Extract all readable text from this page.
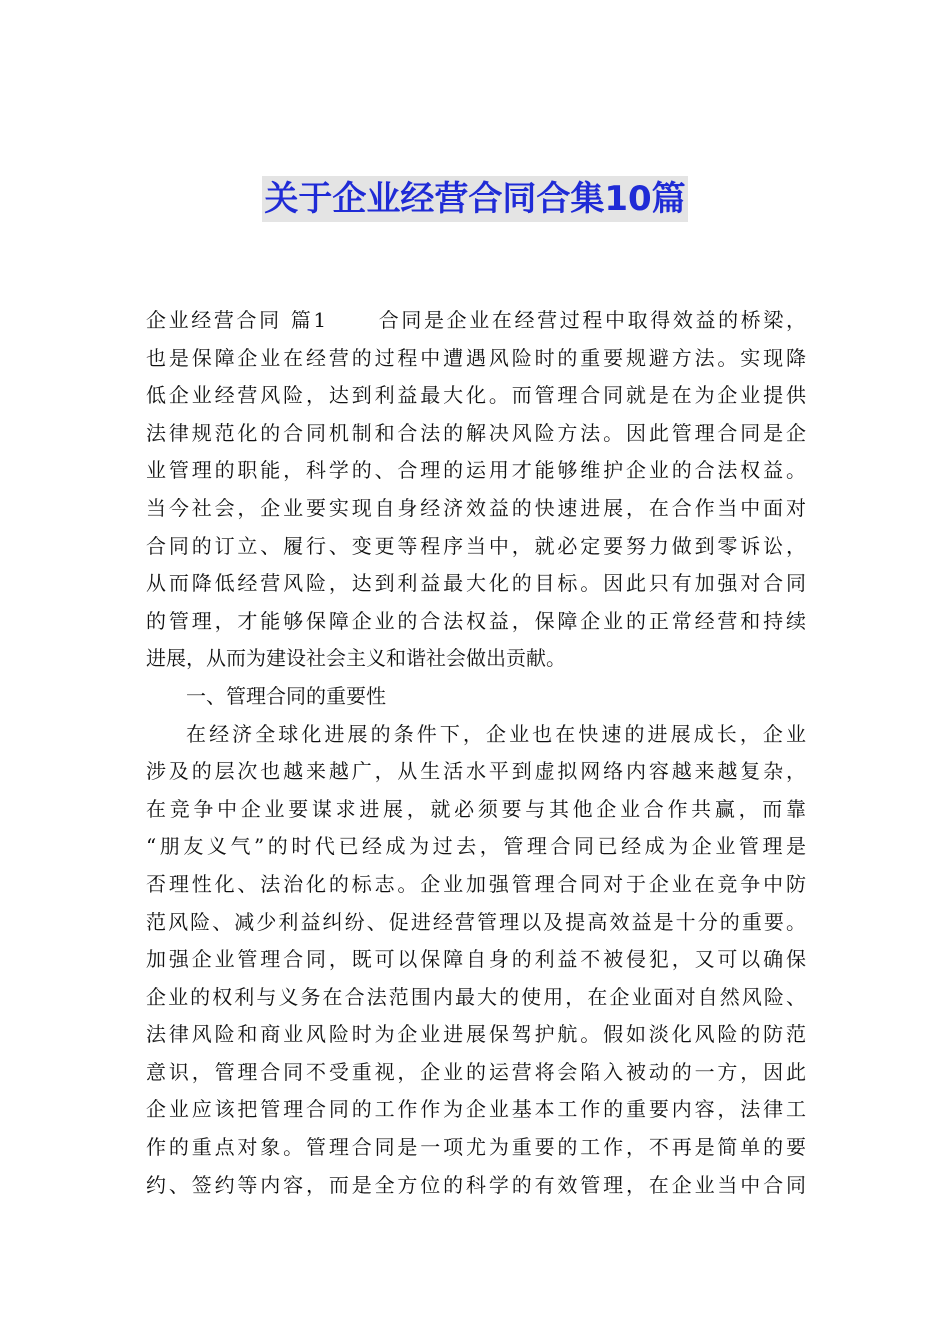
关于企业经营合同合集10篇
企业经营合同 篇1	合同是企业在经营过程中取得效益的桥梁，
也是保障企业在经营的过程中遭遇风险时的重要规避方法。实现降
低企业经营风险，达到利益最大化。而管理合同就是在为企业提供
法律规范化的合同机制和合法的解决风险方法。因此管理合同是企
业管理的职能，科学的、合理的运用才能够维护企业的合法权益。
当今社会，企业要实现自身经济效益的快速进展，在合作当中面对
合同的订立、履行、变更等程序当中，就必定要努力做到零诉讼，
从而降低经营风险，达到利益最大化的目标。因此只有加强对合同
的管理，才能够保障企业的合法权益，保障企业的正常经营和持续
进展，从而为建设社会主义和谐社会做出贡献。
一、管理合同的重要性
在经济全球化进展的条件下，企业也在快速的进展成长，企业
涉及的层次也越来越广，从生活水平到虚拟网络内容越来越复杂，
在竞争中企业要谋求进展，就必须要与其他企业合作共赢，而靠
“朋友义气”的时代已经成为过去，管理合同已经成为企业管理是
否理性化、法治化的标志。企业加强管理合同对于企业在竞争中防
范风险、减少利益纠纷、促进经营管理以及提高效益是十分的重要。
加强企业管理合同，既可以保障自身的利益不被侵犯，又可以确保
企业的权利与义务在合法范围内最大的使用，在企业面对自然风险、
法律风险和商业风险时为企业进展保驾护航。假如淡化风险的防范
意识，管理合同不受重视，企业的运营将会陷入被动的一方，因此
企业应该把管理合同的工作作为企业基本工作的重要内容，法律工
作的重点对象。管理合同是一项尤为重要的工作，不再是简单的要
约、签约等内容，而是全方位的科学的有效管理，在企业当中合同
